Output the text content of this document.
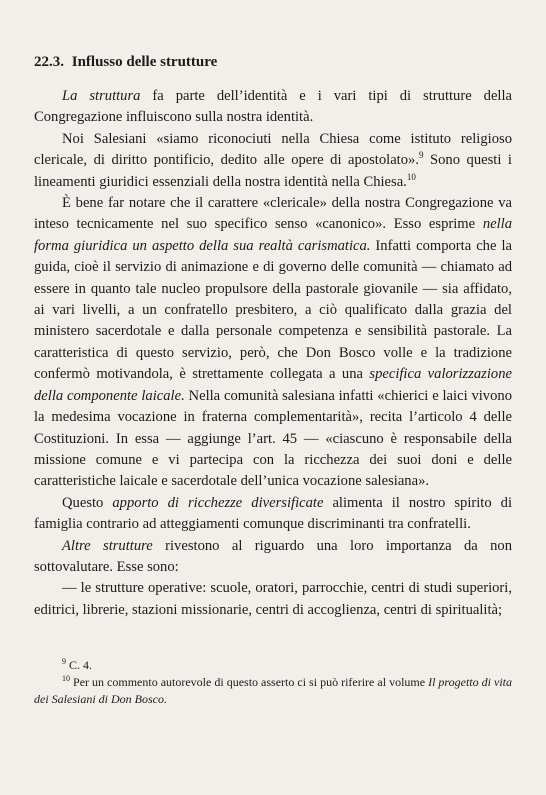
22.3. Influsso delle strutture

La struttura fa parte dell’identità e i vari tipi di strutture della Congregazione influiscono sulla nostra identità.

Noi Salesiani «siamo riconociuti nella Chiesa come istituto religioso clericale, di diritto pontificio, dedito alle opere di apostolato».$^9$ Sono questi i lineamenti giuridici essenziali della nostra identità nella Chiesa.$^{10}$

È bene far notare che il carattere «clericale» della nostra Congregazione va inteso tecnicamente nel suo specifico senso «canonico». Esso esprime nella forma giuridica un aspetto della sua realtà carismatica. Infatti comporta che la guida, cioè il servizio di animazione e di governo delle comunità — chiamato ad essere in quanto tale nucleo propulsore della pastorale giovanile — sia affidato, ai vari livelli, a un confratello presbitero, a ciò qualificato dalla grazia del ministero sacerdotale e dalla personale competenza e sensibilità pastorale. La caratteristica di questo servizio, però, che Don Bosco volle e la tradizione confermò motivandola, è strettamente collegata a una specifica valorizzazione della componente laicale. Nella comunità salesiana infatti «chierici e laici vivono la medesima vocazione in fraterna complementarità», recita l’articolo 4 delle Costituzioni. In essa — aggiunge l’art. 45 — «ciascuno è responsabile della missione comune e vi partecipa con la ricchezza dei suoi doni e delle caratteristiche laicale e sacerdotale dell’unica vocazione salesiana».

Questo apporto di ricchezze diversificate alimenta il nostro spirito di famiglia contrario ad atteggiamenti comunque discriminanti tra confratelli.

Altre strutture rivestono al riguardo una loro importanza da non sottovalutare. Esse sono:

— le strutture operative: scuole, oratori, parrocchie, centri di studi superiori, editrici, librerie, stazioni missionarie, centri di accoglienza, centri di spiritualità;

$^9$ C. 4.

$^{10}$ Per un commento autorevole di questo asserto ci si può riferire al volume Il progetto di vita dei Salesiani di Don Bosco.
